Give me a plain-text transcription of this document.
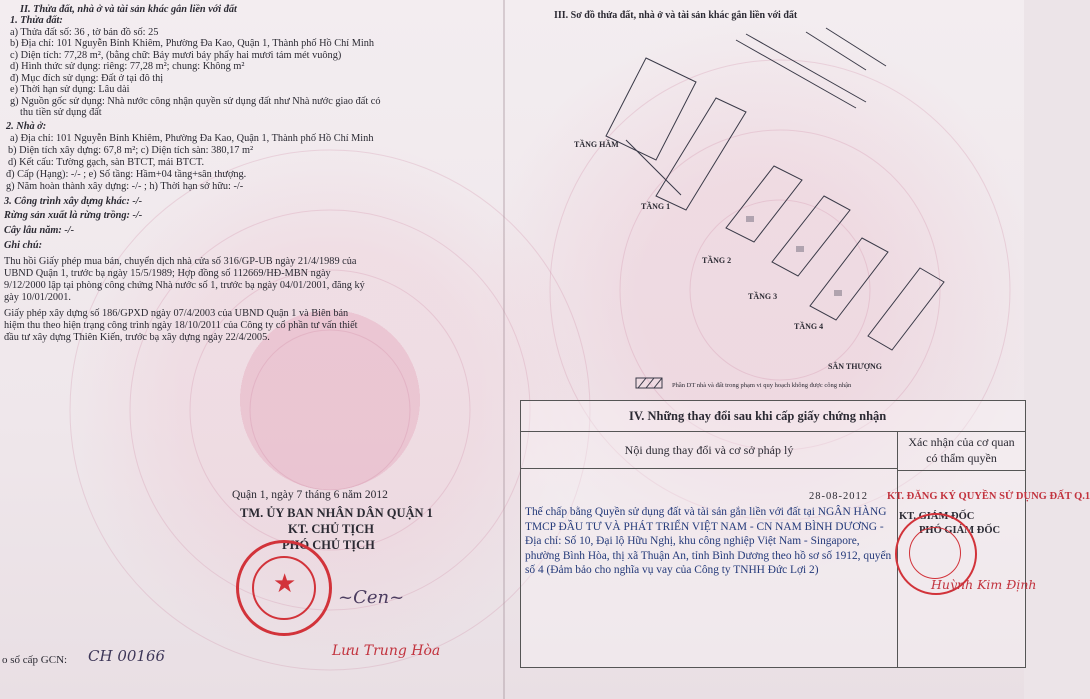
II. Thửa đất, nhà ở và tài sản khác gắn liền với đất
1. Thửa đất:
a) Thửa đất số: 36 , tờ bản đồ số: 25
b) Địa chỉ: 101 Nguyễn Bỉnh Khiêm, Phường Đa Kao, Quận 1, Thành phố Hồ Chí Minh
c) Diện tích: 77,28 m², (bằng chữ: Bảy mươi bảy phẩy hai mươi tám mét vuông)
d) Hình thức sử dụng: riêng: 77,28 m²; chung: Không m²
đ) Mục đích sử dụng: Đất ở tại đô thị
e) Thời hạn sử dụng: Lâu dài
g) Nguồn gốc sử dụng: Nhà nước công nhận quyền sử dụng đất như Nhà nước giao đất có
thu tiền sử dụng đất
2. Nhà ở:
a) Địa chỉ: 101 Nguyễn Bỉnh Khiêm, Phường Đa Kao, Quận 1, Thành phố Hồ Chí Minh
b) Diện tích xây dựng: 67,8 m²; c) Diện tích sàn: 380,17 m²
d) Kết cấu: Tường gạch, sàn BTCT, mái BTCT.
đ) Cấp (Hạng): -/- ; e) Số tầng: Hầm+04 tầng+sân thượng.
g) Năm hoàn thành xây dựng: -/- ; h) Thời hạn sở hữu: -/-
3. Công trình xây dựng khác: -/-
Rừng sản xuất là rừng trồng: -/-
Cây lâu năm: -/-
Ghi chú:
Thu hồi Giấy phép mua bán, chuyển dịch nhà cửa số 316/GP-UB ngày 21/4/1989 của
UBND Quận 1, trước bạ ngày 15/5/1989; Hợp đồng số 112669/HĐ-MBN ngày
9/12/2000 lập tại phòng công chứng Nhà nước số 1, trước bạ ngày 04/01/2001, đăng ký
gày 10/01/2001.
Giấy phép xây dựng số 186/GPXD ngày 07/4/2003 của UBND Quận 1 và Biên bản
hiệm thu theo hiện trạng công trình ngày 18/10/2011 của Công ty cổ phần tư vấn thiết
đầu tư xây dựng Thiên Kiến, trước bạ xây dựng ngày 22/4/2005.
Quận 1, ngày 7 tháng 6 năm 2012
TM. ỦY BAN NHÂN DÂN QUẬN 1
KT. CHỦ TỊCH
PHÓ CHỦ TỊCH
★ ~Cen~
Lưu Trung Hòa
o sổ cấp GCN: CH 00166
III. Sơ đồ thửa đất, nhà ở và tài sản khác gắn liền với đất
TẦNG HẦM
TẦNG 1
TẦNG 2
TẦNG 3
TẦNG 4
SÂN THƯỢNG
Phần DT nhà và đất trong phạm vi quy hoạch không được công nhận
IV. Những thay đổi sau khi cấp giấy chứng nhận
Nội dung thay đổi và cơ sở pháp lý
Xác nhận của cơ quan
có thẩm quyền
28-08-2012
Thế chấp bằng Quyền sử dụng đất và tài sản gắn liền với đất tại NGÂN HÀNG TMCP ĐẦU TƯ VÀ PHÁT TRIỂN VIỆT NAM - CN NAM BÌNH DƯƠNG - Địa chỉ: Số 10, Đại lộ Hữu Nghị, khu công nghiệp Việt Nam - Singapore, phường Bình Hòa, thị xã Thuận An, tỉnh Bình Dương theo hồ sơ số 1912, quyển số 4 (Đảm bảo cho nghĩa vụ vay của Công ty TNHH Đức Lợi 2)
KT. ĐĂNG KÝ QUYỀN SỬ DỤNG ĐẤT Q.1
KT. GIÁM ĐỐC
PHÓ GIÁM ĐỐC
Huỳnh Kim Định
